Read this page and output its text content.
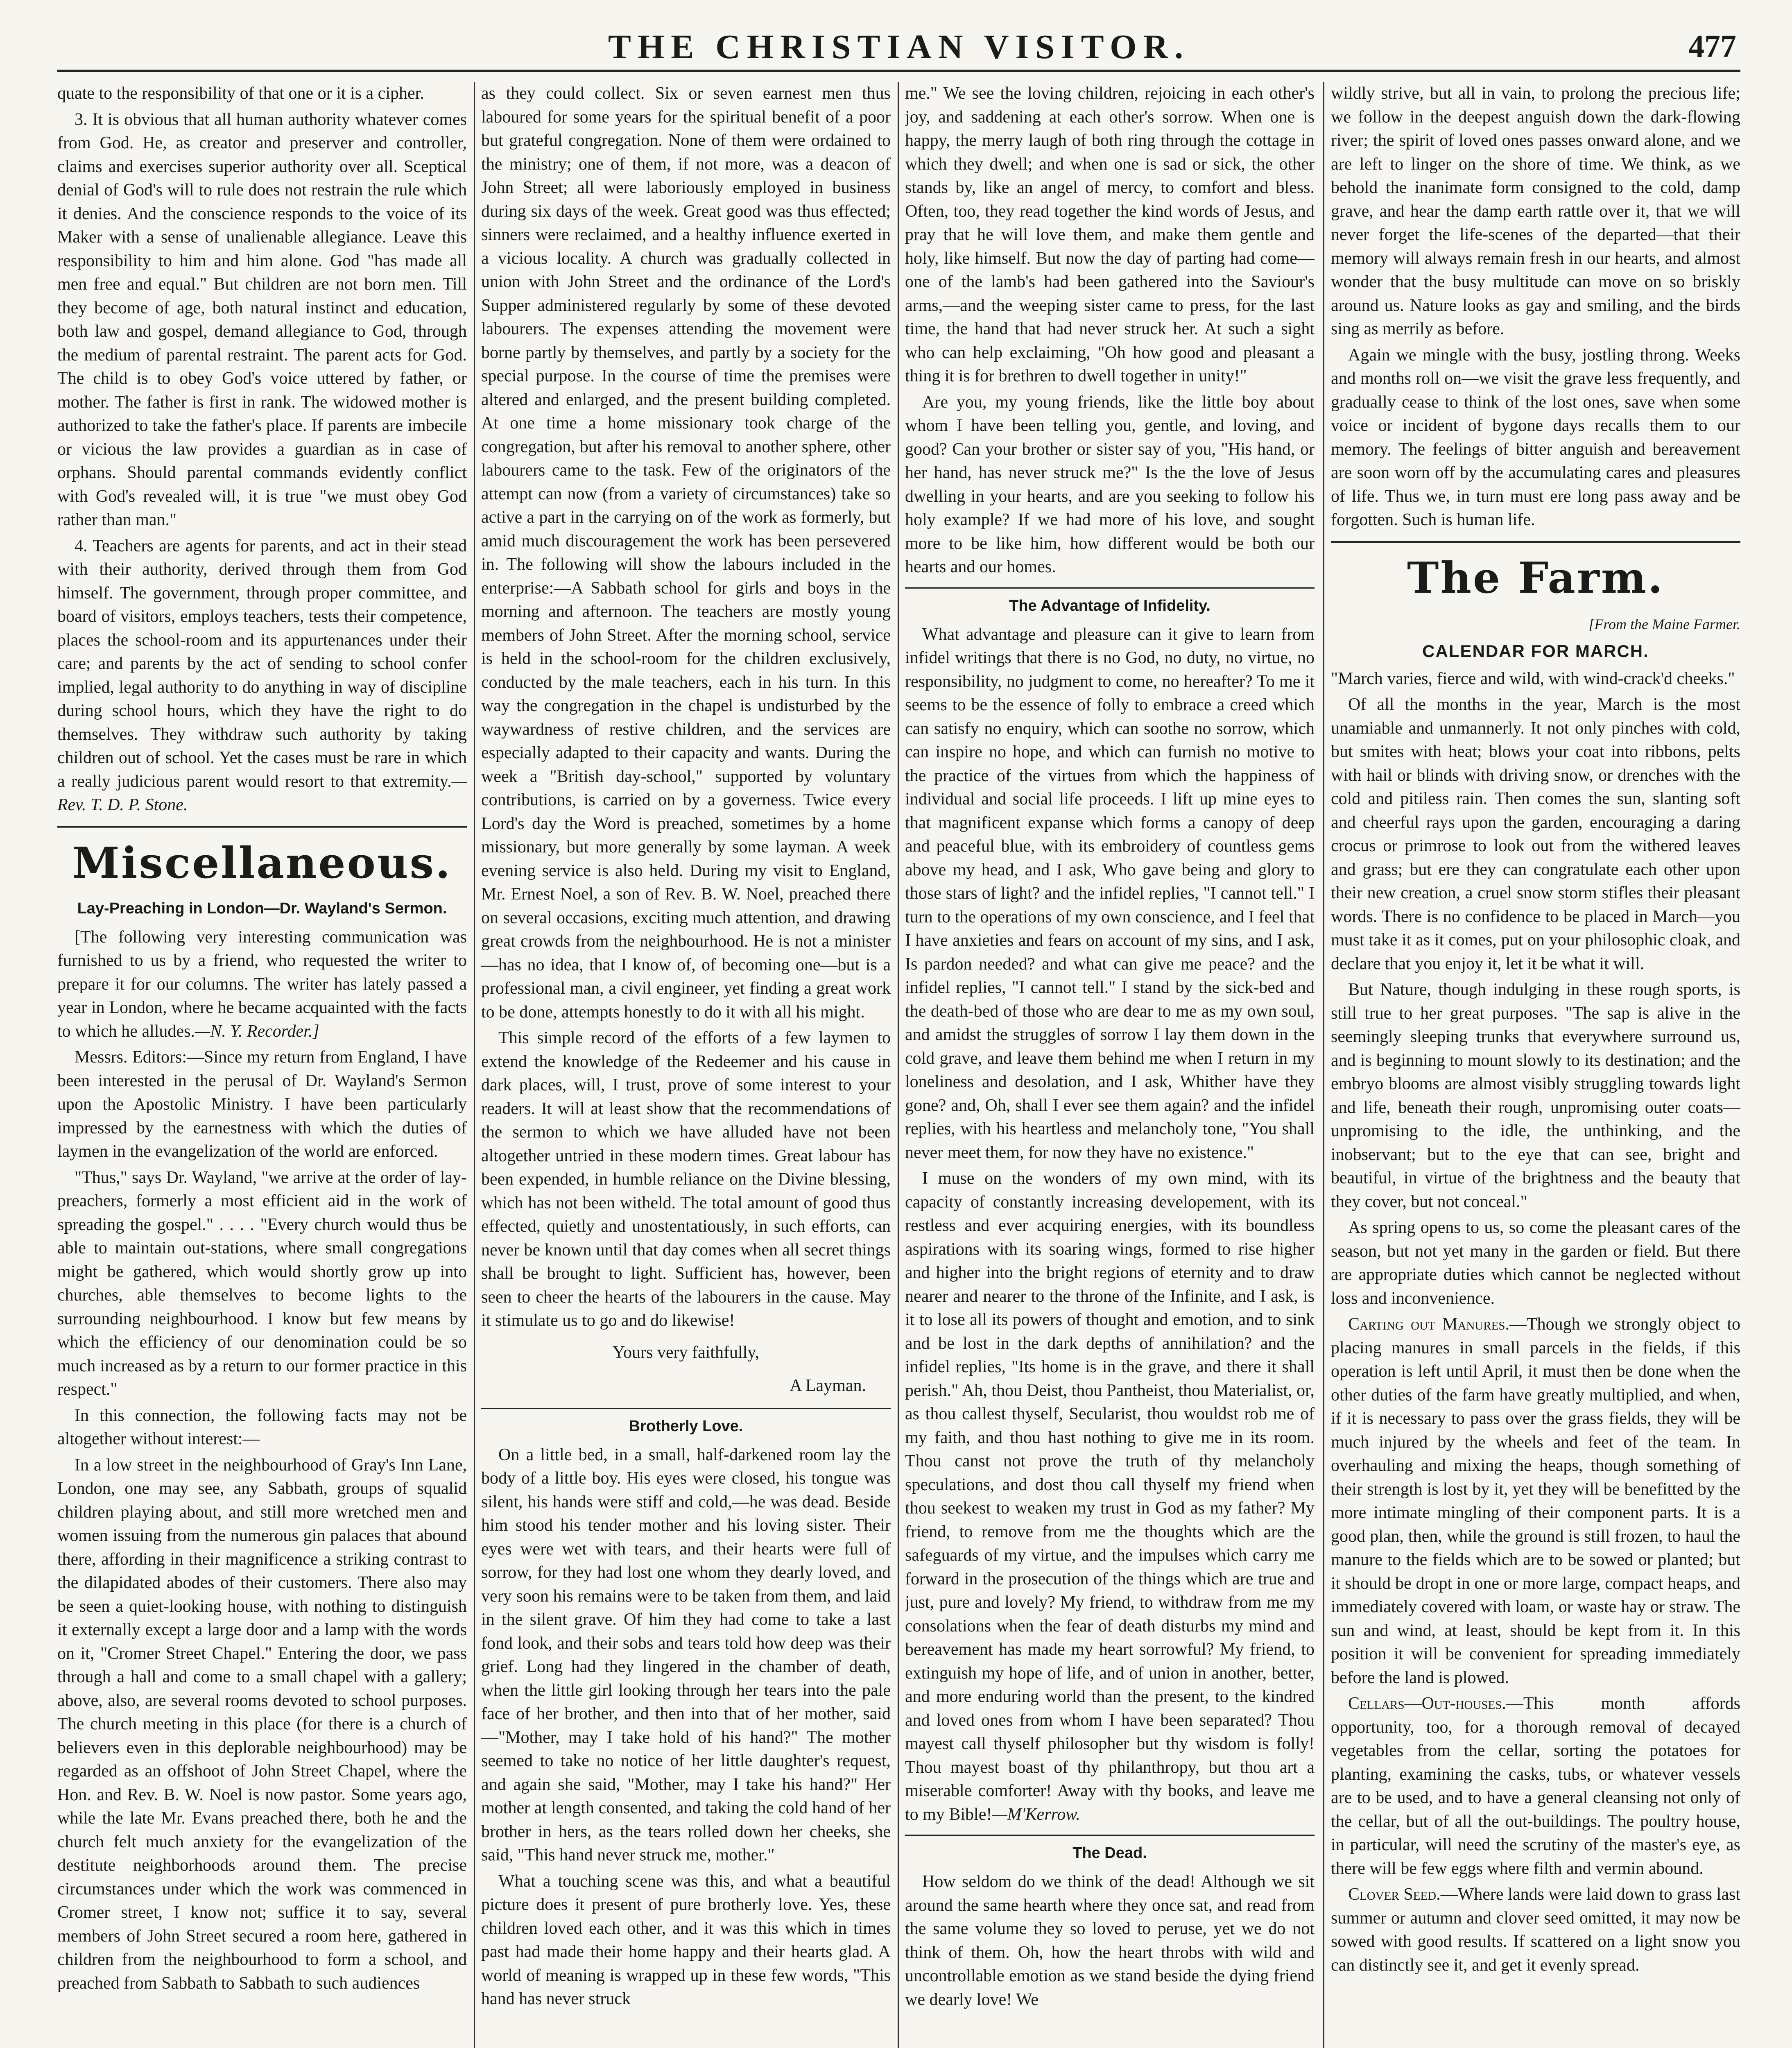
THE CHRISTIAN VISITOR.	477

quate to the responsibility of that one or it is a cipher.

3. It is obvious that all human authority whatever comes from God. He, as creator and preserver and controller, claims and exercises superior authority over all. Sceptical denial of God's will to rule does not restrain the rule which it denies. And the conscience responds to the voice of its Maker with a sense of unalienable allegiance. Leave this responsibility to him and him alone. God "has made all men free and equal." But children are not born men. Till they become of age, both natural instinct and education, both law and gospel, demand allegiance to God, through the medium of parental restraint. The parent acts for God. The child is to obey God's voice uttered by father, or mother. The father is first in rank. The widowed mother is authorized to take the father's place. If parents are imbecile or vicious the law provides a guardian as in case of orphans. Should parental commands evidently conflict with God's revealed will, it is true "we must obey God rather than man."

4. Teachers are agents for parents, and act in their stead with their authority, derived through them from God himself. The government, through proper committee, and board of visitors, employs teachers, tests their competence, places the school-room and its appurtenances under their care; and parents by the act of sending to school confer implied, legal authority to do anything in way of discipline during school hours, which they have the right to do themselves. They withdraw such authority by taking children out of school. Yet the cases must be rare in which a really judicious parent would resort to that extremity.—Rev. T. D. P. Stone.

Miscellaneous.
Lay-Preaching in London—Dr. Wayland's Sermon.

[The following very interesting communication was furnished to us by a friend, who requested the writer to prepare it for our columns. The writer has lately passed a year in London, where he became acquainted with the facts to which he alludes.—N. Y. Recorder.]

Messrs. Editors:—Since my return from England, I have been interested in the perusal of Dr. Wayland's Sermon upon the Apostolic Ministry. I have been particularly impressed by the earnestness with which the duties of laymen in the evangelization of the world are enforced.

"Thus," says Dr. Wayland, "we arrive at the order of lay-preachers, formerly a most efficient aid in the work of spreading the gospel." . . . . "Every church would thus be able to maintain out-stations, where small congregations might be gathered, which would shortly grow up into churches, able themselves to become lights to the surrounding neighbourhood. I know but few means by which the efficiency of our denomination could be so much increased as by a return to our former practice in this respect."

In this connection, the following facts may not be altogether without interest:—

In a low street in the neighbourhood of Gray's Inn Lane, London, one may see, any Sabbath, groups of squalid children playing about, and still more wretched men and women issuing from the numerous gin palaces that abound there, affording in their magnificence a striking contrast to the dilapidated abodes of their customers. There also may be seen a quiet-looking house, with nothing to distinguish it externally except a large door and a lamp with the words on it, "Cromer Street Chapel." Entering the door, we pass through a hall and come to a small chapel with a gallery; above, also, are several rooms devoted to school purposes. The church meeting in this place (for there is a church of believers even in this deplorable neighbourhood) may be regarded as an offshoot of John Street Chapel, where the Hon. and Rev. B. W. Noel is now pastor. Some years ago, while the late Mr. Evans preached there, both he and the church felt much anxiety for the evangelization of the destitute neighborhoods around them. The precise circumstances under which the work was commenced in Cromer street, I know not; suffice it to say, several members of John Street secured a room here, gathered in children from the neighbourhood to form a school, and preached from Sabbath to Sabbath to such audiences

as they could collect. Six or seven earnest men thus laboured for some years for the spiritual benefit of a poor but grateful congregation. None of them were ordained to the ministry; one of them, if not more, was a deacon of John Street; all were laboriously employed in business during six days of the week. Great good was thus effected; sinners were reclaimed, and a healthy influence exerted in a vicious locality. A church was gradually collected in union with John Street and the ordinance of the Lord's Supper administered regularly by some of these devoted labourers. The expenses attending the movement were borne partly by themselves, and partly by a society for the special purpose. In the course of time the premises were altered and enlarged, and the present building completed. At one time a home missionary took charge of the congregation, but after his removal to another sphere, other labourers came to the task. Few of the originators of the attempt can now (from a variety of circumstances) take so active a part in the carrying on of the work as formerly, but amid much discouragement the work has been persevered in. The following will show the labours included in the enterprise:—A Sabbath school for girls and boys in the morning and afternoon. The teachers are mostly young members of John Street. After the morning school, service is held in the school-room for the children exclusively, conducted by the male teachers, each in his turn. In this way the congregation in the chapel is undisturbed by the waywardness of restive children, and the services are especially adapted to their capacity and wants. During the week a "British day-school," supported by voluntary contributions, is carried on by a governess. Twice every Lord's day the Word is preached, sometimes by a home missionary, but more generally by some layman. A week evening service is also held. During my visit to England, Mr. Ernest Noel, a son of Rev. B. W. Noel, preached there on several occasions, exciting much attention, and drawing great crowds from the neighbourhood. He is not a minister—has no idea, that I know of, of becoming one—but is a professional man, a civil engineer, yet finding a great work to be done, attempts honestly to do it with all his might.

This simple record of the efforts of a few laymen to extend the knowledge of the Redeemer and his cause in dark places, will, I trust, prove of some interest to your readers. It will at least show that the recommendations of the sermon to which we have alluded have not been altogether untried in these modern times. Great labour has been expended, in humble reliance on the Divine blessing, which has not been witheld. The total amount of good thus effected, quietly and unostentatiously, in such efforts, can never be known until that day comes when all secret things shall be brought to light. Sufficient has, however, been seen to cheer the hearts of the labourers in the cause. May it stimulate us to go and do likewise!

Yours very faithfully,
A Layman.
Brotherly Love.

On a little bed, in a small, half-darkened room lay the body of a little boy. His eyes were closed, his tongue was silent, his hands were stiff and cold,—he was dead. Beside him stood his tender mother and his loving sister. Their eyes were wet with tears, and their hearts were full of sorrow, for they had lost one whom they dearly loved, and very soon his remains were to be taken from them, and laid in the silent grave. Of him they had come to take a last fond look, and their sobs and tears told how deep was their grief. Long had they lingered in the chamber of death, when the little girl looking through her tears into the pale face of her brother, and then into that of her mother, said—"Mother, may I take hold of his hand?" The mother seemed to take no notice of her little daughter's request, and again she said, "Mother, may I take his hand?" Her mother at length consented, and taking the cold hand of her brother in hers, as the tears rolled down her cheeks, she said, "This hand never struck me, mother."

What a touching scene was this, and what a beautiful picture does it present of pure brotherly love. Yes, these children loved each other, and it was this which in times past had made their home happy and their hearts glad. A world of meaning is wrapped up in these few words, "This hand has never struck

me." We see the loving children, rejoicing in each other's joy, and saddening at each other's sorrow. When one is happy, the merry laugh of both ring through the cottage in which they dwell; and when one is sad or sick, the other stands by, like an angel of mercy, to comfort and bless. Often, too, they read together the kind words of Jesus, and pray that he will love them, and make them gentle and holy, like himself. But now the day of parting had come—one of the lamb's had been gathered into the Saviour's arms,—and the weeping sister came to press, for the last time, the hand that had never struck her. At such a sight who can help exclaiming, "Oh how good and pleasant a thing it is for brethren to dwell together in unity!"

Are you, my young friends, like the little boy about whom I have been telling you, gentle, and loving, and good? Can your brother or sister say of you, "His hand, or her hand, has never struck me?" Is the the love of Jesus dwelling in your hearts, and are you seeking to follow his holy example? If we had more of his love, and sought more to be like him, how different would be both our hearts and our homes.

The Advantage of Infidelity.

What advantage and pleasure can it give to learn from infidel writings that there is no God, no duty, no virtue, no responsibility, no judgment to come, no hereafter? To me it seems to be the essence of folly to embrace a creed which can satisfy no enquiry, which can soothe no sorrow, which can inspire no hope, and which can furnish no motive to the practice of the virtues from which the happiness of individual and social life proceeds. I lift up mine eyes to that magnificent expanse which forms a canopy of deep and peaceful blue, with its embroidery of countless gems above my head, and I ask, Who gave being and glory to those stars of light? and the infidel replies, "I cannot tell." I turn to the operations of my own conscience, and I feel that I have anxieties and fears on account of my sins, and I ask, Is pardon needed? and what can give me peace? and the infidel replies, "I cannot tell." I stand by the sick-bed and the death-bed of those who are dear to me as my own soul, and amidst the struggles of sorrow I lay them down in the cold grave, and leave them behind me when I return in my loneliness and desolation, and I ask, Whither have they gone? and, Oh, shall I ever see them again? and the infidel replies, with his heartless and melancholy tone, "You shall never meet them, for now they have no existence."

I muse on the wonders of my own mind, with its capacity of constantly increasing developement, with its restless and ever acquiring energies, with its boundless aspirations with its soaring wings, formed to rise higher and higher into the bright regions of eternity and to draw nearer and nearer to the throne of the Infinite, and I ask, is it to lose all its powers of thought and emotion, and to sink and be lost in the dark depths of annihilation? and the infidel replies, "Its home is in the grave, and there it shall perish." Ah, thou Deist, thou Pantheist, thou Materialist, or, as thou callest thyself, Secularist, thou wouldst rob me of my faith, and thou hast nothing to give me in its room. Thou canst not prove the truth of thy melancholy speculations, and dost thou call thyself my friend when thou seekest to weaken my trust in God as my father? My friend, to remove from me the thoughts which are the safeguards of my virtue, and the impulses which carry me forward in the prosecution of the things which are true and just, pure and lovely? My friend, to withdraw from me my consolations when the fear of death disturbs my mind and bereavement has made my heart sorrowful? My friend, to extinguish my hope of life, and of union in another, better, and more enduring world than the present, to the kindred and loved ones from whom I have been separated? Thou mayest call thyself philosopher but thy wisdom is folly! Thou mayest boast of thy philanthropy, but thou art a miserable comforter! Away with thy books, and leave me to my Bible!—M'Kerrow.

The Dead.

How seldom do we think of the dead! Although we sit around the same hearth where they once sat, and read from the same volume they so loved to peruse, yet we do not think of them. Oh, how the heart throbs with wild and uncontrollable emotion as we stand beside the dying friend we dearly love! We

wildly strive, but all in vain, to prolong the precious life; we follow in the deepest anguish down the dark-flowing river; the spirit of loved ones passes onward alone, and we are left to linger on the shore of time. We think, as we behold the inanimate form consigned to the cold, damp grave, and hear the damp earth rattle over it, that we will never forget the life-scenes of the departed—that their memory will always remain fresh in our hearts, and almost wonder that the busy multitude can move on so briskly around us. Nature looks as gay and smiling, and the birds sing as merrily as before.

Again we mingle with the busy, jostling throng. Weeks and months roll on—we visit the grave less frequently, and gradually cease to think of the lost ones, save when some voice or incident of bygone days recalls them to our memory. The feelings of bitter anguish and bereavement are soon worn off by the accumulating cares and pleasures of life. Thus we, in turn must ere long pass away and be forgotten. Such is human life.

The Farm.
[From the Maine Farmer.
CALENDAR FOR MARCH.

"March varies, fierce and wild, with wind-crack'd cheeks."

Of all the months in the year, March is the most unamiable and unmannerly. It not only pinches with cold, but smites with heat; blows your coat into ribbons, pelts with hail or blinds with driving snow, or drenches with the cold and pitiless rain. Then comes the sun, slanting soft and cheerful rays upon the garden, encouraging a daring crocus or primrose to look out from the withered leaves and grass; but ere they can congratulate each other upon their new creation, a cruel snow storm stifles their pleasant words. There is no confidence to be placed in March—you must take it as it comes, put on your philosophic cloak, and declare that you enjoy it, let it be what it will.

But Nature, though indulging in these rough sports, is still true to her great purposes. "The sap is alive in the seemingly sleeping trunks that everywhere surround us, and is beginning to mount slowly to its destination; and the embryo blooms are almost visibly struggling towards light and life, beneath their rough, unpromising outer coats—unpromising to the idle, the unthinking, and the inobservant; but to the eye that can see, bright and beautiful, in virtue of the brightness and the beauty that they cover, but not conceal."

As spring opens to us, so come the pleasant cares of the season, but not yet many in the garden or field. But there are appropriate duties which cannot be neglected without loss and inconvenience.

Carting out Manures.—Though we strongly object to placing manures in small parcels in the fields, if this operation is left until April, it must then be done when the other duties of the farm have greatly multiplied, and when, if it is necessary to pass over the grass fields, they will be much injured by the wheels and feet of the team. In overhauling and mixing the heaps, though something of their strength is lost by it, yet they will be benefitted by the more intimate mingling of their component parts. It is a good plan, then, while the ground is still frozen, to haul the manure to the fields which are to be sowed or planted; but it should be dropt in one or more large, compact heaps, and immediately covered with loam, or waste hay or straw. The sun and wind, at least, should be kept from it. In this position it will be convenient for spreading immediately before the land is plowed.

Cellars—Out-houses.—This month affords opportunity, too, for a thorough removal of decayed vegetables from the cellar, sorting the potatoes for planting, examining the casks, tubs, or whatever vessels are to be used, and to have a general cleansing not only of the cellar, but of all the out-buildings. The poultry house, in particular, will need the scrutiny of the master's eye, as there will be few eggs where filth and vermin abound.

Clover Seed.—Where lands were laid down to grass last summer or autumn and clover seed omitted, it may now be sowed with good results. If scattered on a light snow you can distinctly see it, and get it evenly spread.
